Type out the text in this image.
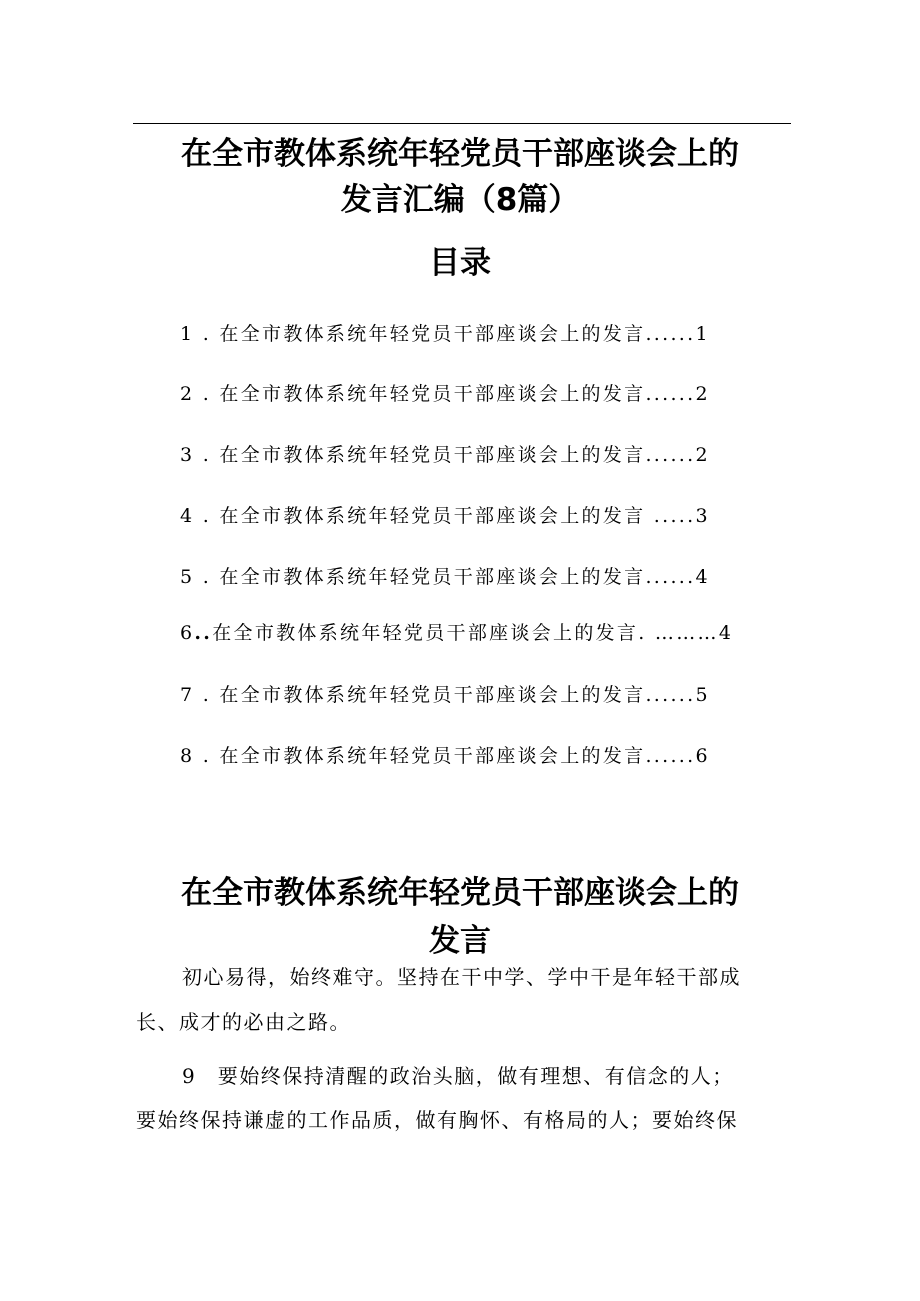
在全市教体系统年轻党员干部座谈会上的
发言汇编（8篇）
目录
1 . 在全市教体系统年轻党员干部座谈会上的发言......1
2 . 在全市教体系统年轻党员干部座谈会上的发言......2
3 . 在全市教体系统年轻党员干部座谈会上的发言......2
4 . 在全市教体系统年轻党员干部座谈会上的发言 .....3
5 . 在全市教体系统年轻党员干部座谈会上的发言......4
6..在全市教体系统年轻党员干部座谈会上的发言. ………4
7 . 在全市教体系统年轻党员干部座谈会上的发言......5
8 . 在全市教体系统年轻党员干部座谈会上的发言......6
在全市教体系统年轻党员干部座谈会上的
发言

初心易得，始终难守。坚持在干中学、学中干是年轻干部成

长、成才的必由之路。

9　要始终保持清醒的政治头脑，做有理想、有信念的人；

要始终保持谦虚的工作品质，做有胸怀、有格局的人；要始终保
